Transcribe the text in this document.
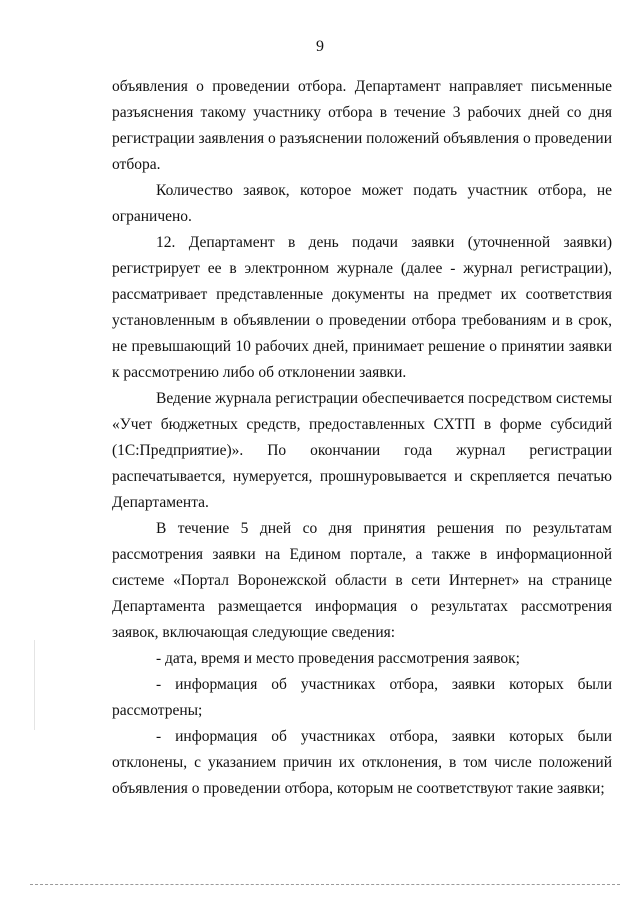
9

объявления о проведении отбора. Департамент направляет письменные разъяснения такому участнику отбора в течение 3 рабочих дней со дня регистрации заявления о разъяснении положений объявления о проведении отбора.

Количество заявок, которое может подать участник отбора, не ограничено.

12. Департамент в день подачи заявки (уточненной заявки) регистрирует ее в электронном журнале (далее - журнал регистрации), рассматривает представленные документы на предмет их соответствия установленным в объявлении о проведении отбора требованиям и в срок, не превышающий 10 рабочих дней, принимает решение о принятии заявки к рассмотрению либо об отклонении заявки.

Ведение журнала регистрации обеспечивается посредством системы «Учет бюджетных средств, предоставленных СХТП в форме субсидий (1С:Предприятие)». По окончании года журнал регистрации распечатывается, нумеруется, прошнуровывается и скрепляется печатью Департамента.

В течение 5 дней со дня принятия решения по результатам рассмотрения заявки на Едином портале, а также в информационной системе «Портал Воронежской области в сети Интернет» на странице Департамента размещается информация о результатах рассмотрения заявок, включающая следующие сведения:

- дата, время и место проведения рассмотрения заявок;

- информация об участниках отбора, заявки которых были рассмотрены;

- информация об участниках отбора, заявки которых были отклонены, с указанием причин их отклонения, в том числе положений объявления о проведении отбора, которым не соответствуют такие заявки;
